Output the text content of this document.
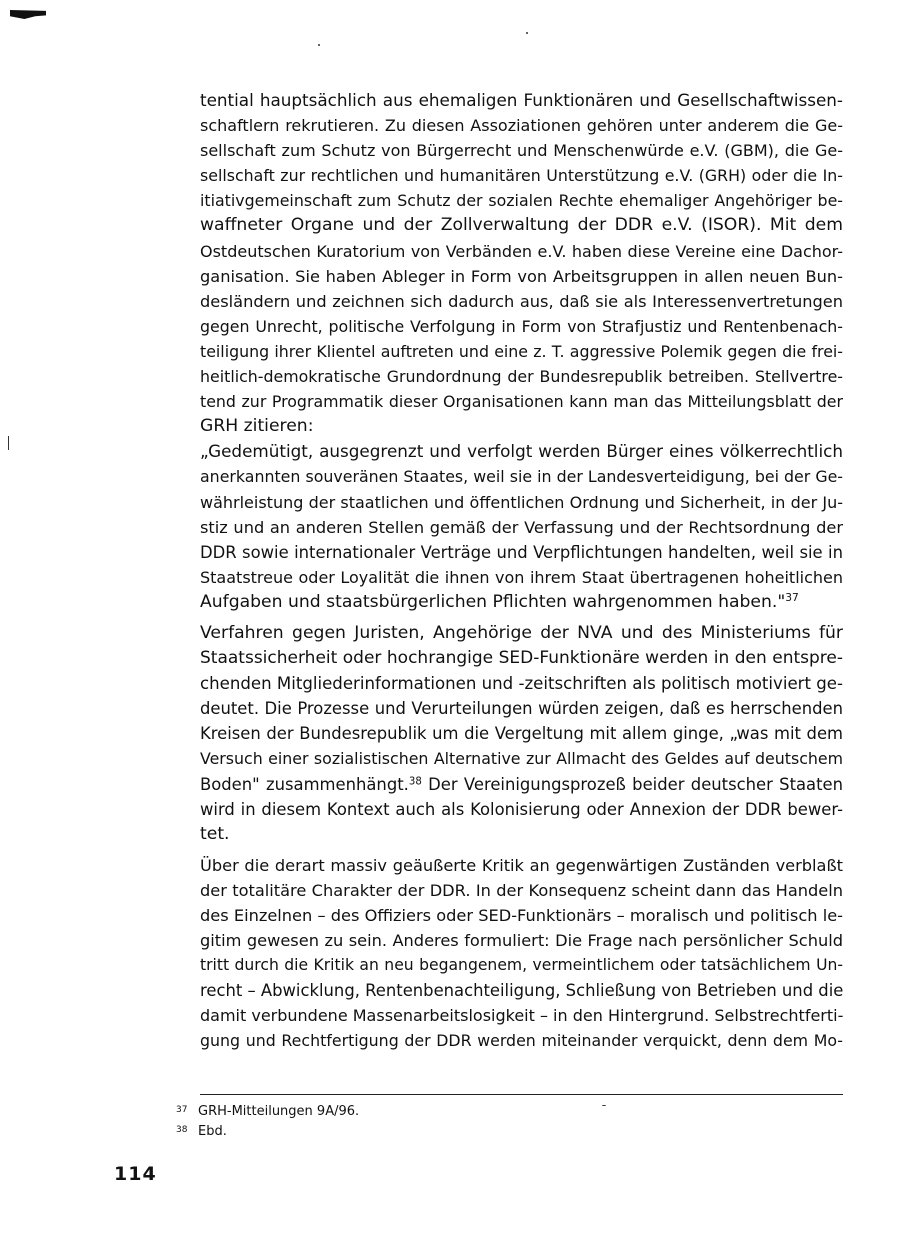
tential hauptsächlich aus ehemaligen Funktionären und Gesellschaftwissen-
schaftlern rekrutieren. Zu diesen Assoziationen gehören unter anderem die Ge-
sellschaft zum Schutz von Bürgerrecht und Menschenwürde e.V. (GBM), die Ge-
sellschaft zur rechtlichen und humanitären Unterstützung e.V. (GRH) oder die In-
itiativgemeinschaft zum Schutz der sozialen Rechte ehemaliger Angehöriger be-
waffneter Organe und der Zollverwaltung der DDR e.V. (ISOR). Mit dem
Ostdeutschen Kuratorium von Verbänden e.V. haben diese Vereine eine Dachor-
ganisation. Sie haben Ableger in Form von Arbeitsgruppen in allen neuen Bun-
desländern und zeichnen sich dadurch aus, daß sie als Interessenvertretungen
gegen Unrecht, politische Verfolgung in Form von Strafjustiz und Rentenbenach-
teiligung ihrer Klientel auftreten und eine z. T. aggressive Polemik gegen die frei-
heitlich-demokratische Grundordnung der Bundesrepublik betreiben. Stellvertre-
tend zur Programmatik dieser Organisationen kann man das Mitteilungsblatt der
GRH zitieren:
„Gedemütigt, ausgegrenzt und verfolgt werden Bürger eines völkerrechtlich
anerkannten souveränen Staates, weil sie in der Landesverteidigung, bei der Ge-
währleistung der staatlichen und öffentlichen Ordnung und Sicherheit, in der Ju-
stiz und an anderen Stellen gemäß der Verfassung und der Rechtsordnung der
DDR sowie internationaler Verträge und Verpflichtungen handelten, weil sie in
Staatstreue oder Loyalität die ihnen von ihrem Staat übertragenen hoheitlichen
Aufgaben und staatsbürgerlichen Pflichten wahrgenommen haben."$^{37}$
Verfahren gegen Juristen, Angehörige der NVA und des Ministeriums für
Staatssicherheit oder hochrangige SED-Funktionäre werden in den entspre-
chenden Mitgliederinformationen und -zeitschriften als politisch motiviert ge-
deutet. Die Prozesse und Verurteilungen würden zeigen, daß es herrschenden
Kreisen der Bundesrepublik um die Vergeltung mit allem ginge, „was mit dem
Versuch einer sozialistischen Alternative zur Allmacht des Geldes auf deutschem
Boden" zusammenhängt.$^{38}$ Der Vereinigungsprozeß beider deutscher Staaten
wird in diesem Kontext auch als Kolonisierung oder Annexion der DDR bewer-
tet.
Über die derart massiv geäußerte Kritik an gegenwärtigen Zuständen verblaßt
der totalitäre Charakter der DDR. In der Konsequenz scheint dann das Handeln
des Einzelnen – des Offiziers oder SED-Funktionärs – moralisch und politisch le-
gitim gewesen zu sein. Anderes formuliert: Die Frage nach persönlicher Schuld
tritt durch die Kritik an neu begangenem, vermeintlichem oder tatsächlichem Un-
recht – Abwicklung, Rentenbenachteiligung, Schließung von Betrieben und die
damit verbundene Massenarbeitslosigkeit – in den Hintergrund. Selbstrechtferti-
gung und Rechtfertigung der DDR werden miteinander verquickt, denn dem Mo-
37 GRH-Mitteilungen 9A/96.
38 Ebd.
114
